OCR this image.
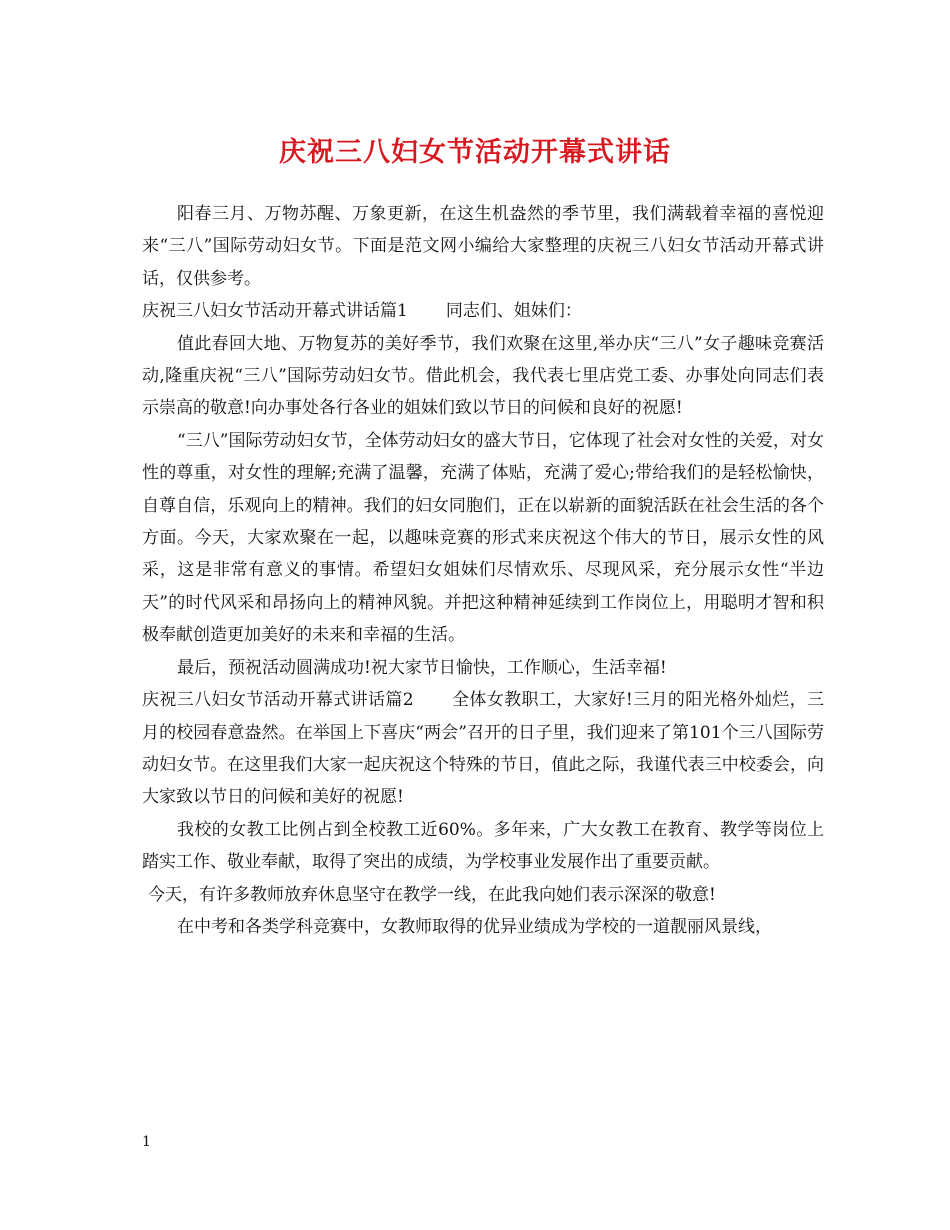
庆祝三八妇女节活动开幕式讲话

阳春三月、万物苏醒、万象更新，在这生机盎然的季节里，我们满载着幸福的喜悦迎来“三八”国际劳动妇女节。下面是范文网小编给大家整理的庆祝三八妇女节活动开幕式讲话，仅供参考。

庆祝三八妇女节活动开幕式讲话篇1 同志们、姐妹们：

值此春回大地、万物复苏的美好季节，我们欢聚在这里,举办庆“三八”女子趣味竞赛活动,隆重庆祝“三八”国际劳动妇女节。借此机会，我代表七里店党工委、办事处向同志们表示崇高的敬意!向办事处各行各业的姐妹们致以节日的问候和良好的祝愿!

“三八”国际劳动妇女节，全体劳动妇女的盛大节日，它体现了社会对女性的关爱，对女性的尊重，对女性的理解;充满了温馨，充满了体贴，充满了爱心;带给我们的是轻松愉快，自尊自信，乐观向上的精神。我们的妇女同胞们，正在以崭新的面貌活跃在社会生活的各个方面。今天，大家欢聚在一起，以趣味竞赛的形式来庆祝这个伟大的节日，展示女性的风采，这是非常有意义的事情。希望妇女姐妹们尽情欢乐、尽现风采，充分展示女性“半边天”的时代风采和昂扬向上的精神风貌。并把这种精神延续到工作岗位上，用聪明才智和积极奉献创造更加美好的未来和幸福的生活。

最后，预祝活动圆满成功!祝大家节日愉快，工作顺心，生活幸福!

庆祝三八妇女节活动开幕式讲话篇2 全体女教职工，大家好!三月的阳光格外灿烂，三月的校园春意盎然。在举国上下喜庆“两会”召开的日子里，我们迎来了第101个三八国际劳动妇女节。在这里我们大家一起庆祝这个特殊的节日，值此之际，我谨代表三中校委会，向大家致以节日的问候和美好的祝愿!

我校的女教工比例占到全校教工近60%。多年来，广大女教工在教育、教学等岗位上踏实工作、敬业奉献，取得了突出的成绩，为学校事业发展作出了重要贡献。

今天，有许多教师放弃休息坚守在教学一线，在此我向她们表示深深的敬意!

在中考和各类学科竞赛中，女教师取得的优异业绩成为学校的一道靓丽风景线，

1
